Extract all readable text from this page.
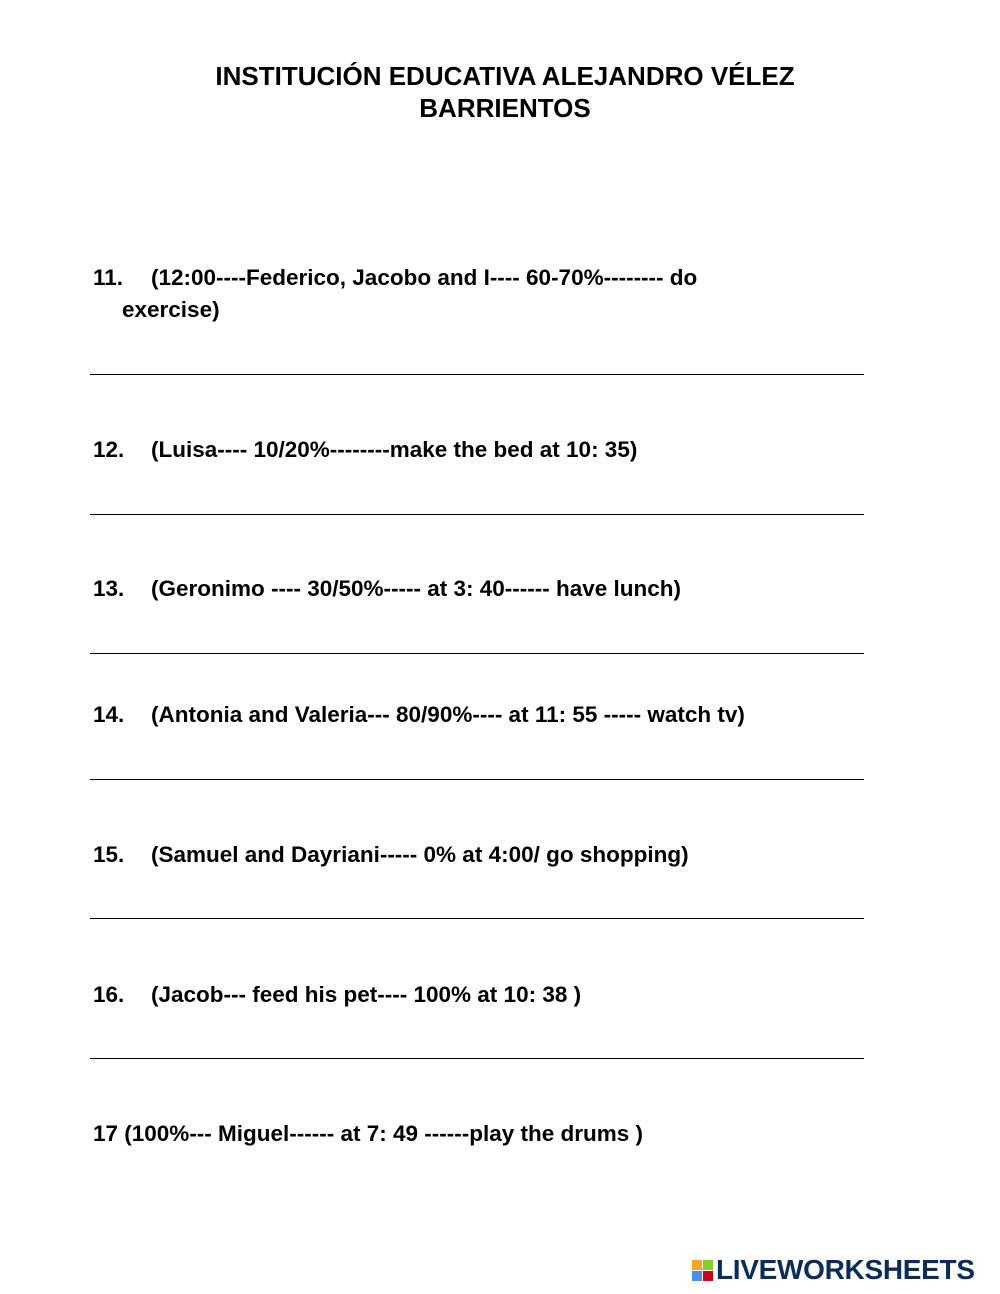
INSTITUCIÓN EDUCATIVA ALEJANDRO VÉLEZ
BARRIENTOS
11. (12:00----Federico, Jacobo and I---- 60-70%-------- do
exercise)
12. (Luisa---- 10/20%--------make the bed at 10: 35)
13. (Geronimo ---- 30/50%----- at 3: 40------ have lunch)
14. (Antonia and Valeria--- 80/90%---- at 11: 55 ----- watch tv)
15. (Samuel and Dayriani----- 0% at 4:00/ go shopping)
16. (Jacob--- feed his pet---- 100% at 10: 38 )
17 (100%--- Miguel------ at 7: 49 ------play the drums )
LIVEWORKSHEETS
